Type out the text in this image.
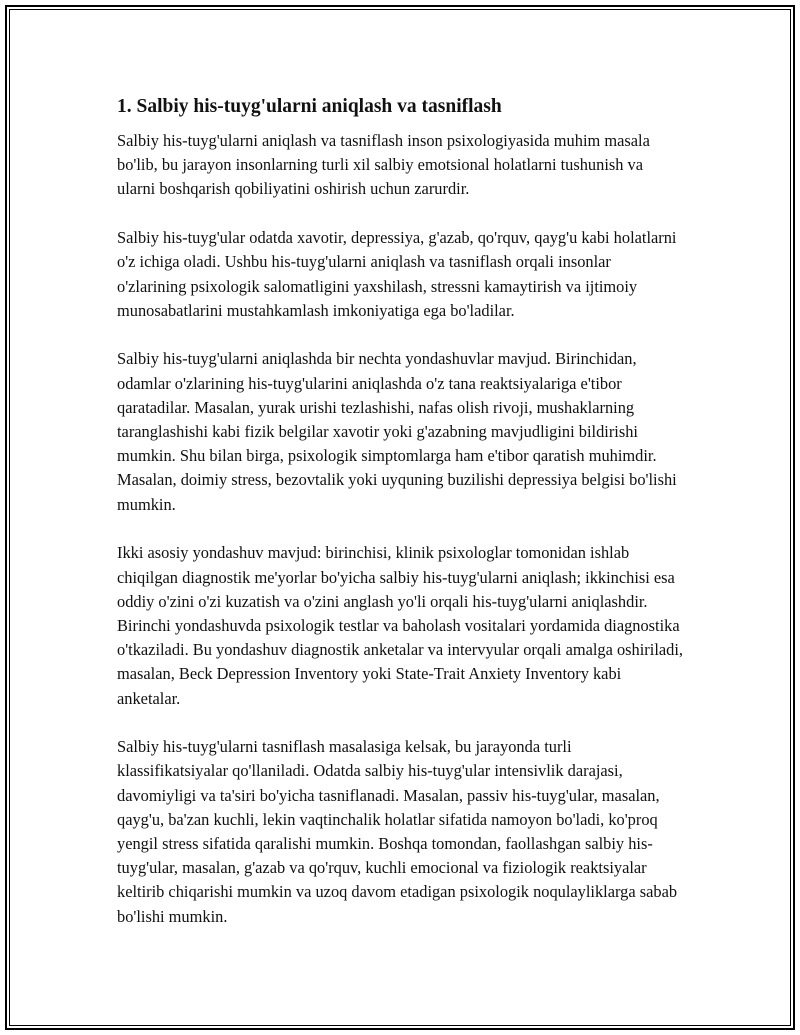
1. Salbiy his-tuyg'ularni aniqlash va tasniflash

Salbiy his-tuyg'ularni aniqlash va tasniflash inson psixologiyasida muhim masala bo'lib, bu jarayon insonlarning turli xil salbiy emotsional holatlarni tushunish va ularni boshqarish qobiliyatini oshirish uchun zarurdir.

Salbiy his-tuyg'ular odatda xavotir, depressiya, g'azab, qo'rquv, qayg'u kabi holatlarni o'z ichiga oladi. Ushbu his-tuyg'ularni aniqlash va tasniflash orqali insonlar o'zlarining psixologik salomatligini yaxshilash, stressni kamaytirish va ijtimoiy munosabatlarini mustahkamlash imkoniyatiga ega bo'ladilar.

Salbiy his-tuyg'ularni aniqlashda bir nechta yondashuvlar mavjud. Birinchidan, odamlar o'zlarining his-tuyg'ularini aniqlashda o'z tana reaktsiyalariga e'tibor qaratadilar. Masalan, yurak urishi tezlashishi, nafas olish rivoji, mushaklarning taranglashishi kabi fizik belgilar xavotir yoki g'azabning mavjudligini bildirishi mumkin. Shu bilan birga, psixologik simptomlarga ham e'tibor qaratish muhimdir. Masalan, doimiy stress, bezovtalik yoki uyquning buzilishi depressiya belgisi bo'lishi mumkin.

Ikki asosiy yondashuv mavjud: birinchisi, klinik psixologlar tomonidan ishlab chiqilgan diagnostik me'yorlar bo'yicha salbiy his-tuyg'ularni aniqlash; ikkinchisi esa oddiy o'zini o'zi kuzatish va o'zini anglash yo'li orqali his-tuyg'ularni aniqlashdir. Birinchi yondashuvda psixologik testlar va baholash vositalari yordamida diagnostika o'tkaziladi. Bu yondashuv diagnostik anketalar va intervyular orqali amalga oshiriladi, masalan, Beck Depression Inventory yoki State-Trait Anxiety Inventory kabi anketalar.

Salbiy his-tuyg'ularni tasniflash masalasiga kelsak, bu jarayonda turli klassifikatsiyalar qo'llaniladi. Odatda salbiy his-tuyg'ular intensivlik darajasi, davomiyligi va ta'siri bo'yicha tasniflanadi. Masalan, passiv his-tuyg'ular, masalan, qayg'u, ba'zan kuchli, lekin vaqtinchalik holatlar sifatida namoyon bo'ladi, ko'proq yengil stress sifatida qaralishi mumkin. Boshqa tomondan, faollashgan salbiy his-tuyg'ular, masalan, g'azab va qo'rquv, kuchli emocional va fiziologik reaktsiyalar keltirib chiqarishi mumkin va uzoq davom etadigan psixologik noqulayliklarga sabab bo'lishi mumkin.
